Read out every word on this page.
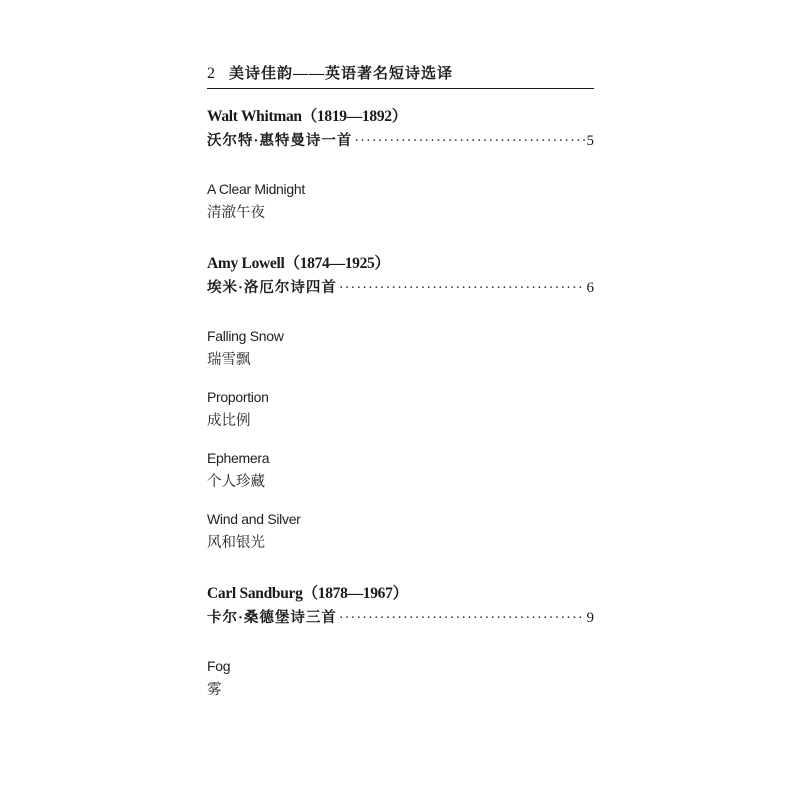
2 美诗佳韵——英语著名短诗选译
Walt Whitman（1819—1892）
沃尔特·惠特曼诗一首 ·····	5
A Clear Midnight
清澈午夜
Amy Lowell（1874—1925）
埃米·洛厄尔诗四首 ·····	6
Falling Snow
瑞雪飘
Proportion
成比例
Ephemera
个人珍藏
Wind and Silver
风和银光
Carl Sandburg（1878—1967）
卡尔·桑德堡诗三首 ·····	9
Fog
雾
